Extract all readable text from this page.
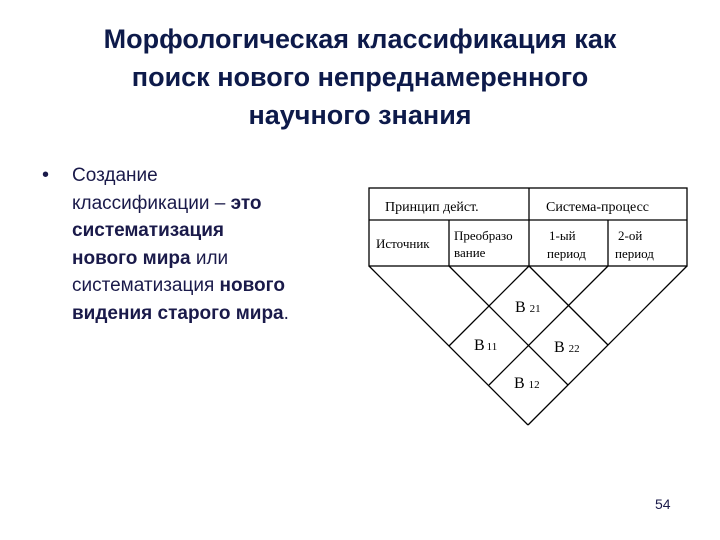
Морфологическая классификация как
поиск нового непреднамеренного
научного знания
• Создание
классификации – это
систематизация
нового мира или
систематизация нового
видения старого мира.
Принцип дейст.	Система-процесс
Источник
Преобразо
вание
1-ый
период
2-ой
период
В 21
В 11	В 22
В 12
54
